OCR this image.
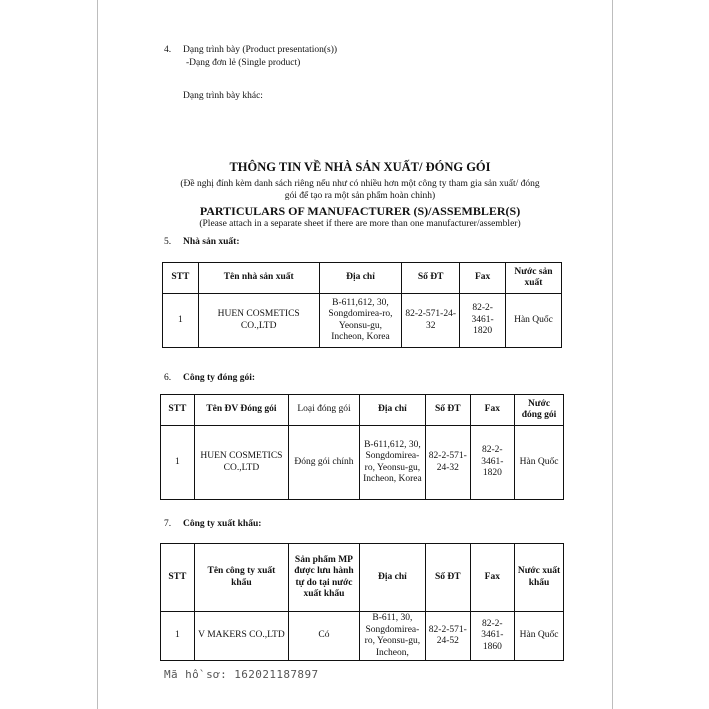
4. Dạng trình bày (Product presentation(s))
-Dạng đơn lẻ (Single product)
Dạng trình bày khác:
THÔNG TIN VỀ NHÀ SẢN XUẤT/ ĐÓNG GÓI
(Đề nghị đính kèm danh sách riêng nếu như có nhiều hơn một công ty tham gia sản xuất/ đóng
gói để tạo ra một sản phẩm hoàn chỉnh)
PARTICULARS OF MANUFACTURER (S)/ASSEMBLER(S)
(Please attach in a separate sheet if there are more than one manufacturer/assembler)
5. Nhà sản xuất:
STT	Tên nhà sản xuất	Địa chỉ	Số ĐT	Fax	Nước sản xuất
1	HUEN COSMETICS CO.,LTD	B-611,612, 30, Songdomirea-ro, Yeonsu-gu, Incheon, Korea	82-2-571-24-32	82-2-3461-1820	Hàn Quốc
6. Công ty đóng gói:
STT	Tên ĐV Đóng gói	Loại đóng gói	Địa chỉ	Số ĐT	Fax	Nước đóng gói
1	HUEN COSMETICS CO.,LTD	Đóng gói chính	B-611,612, 30, Songdomirea-ro, Yeonsu-gu, Incheon, Korea	82-2-571-24-32	82-2-3461-1820	Hàn Quốc
7. Công ty xuất khẩu:
STT	Tên công ty xuất khẩu	Sản phẩm MP được lưu hành tự do tại nước xuất khẩu	Địa chỉ	Số ĐT	Fax	Nước xuất khẩu
1	V MAKERS CO.,LTD	Có	B-611, 30, Songdomirea-ro, Yeonsu-gu, Incheon,	82-2-571-24-52	82-2-3461-1860	Hàn Quốc
Mã hồ sơ: 162021187897
